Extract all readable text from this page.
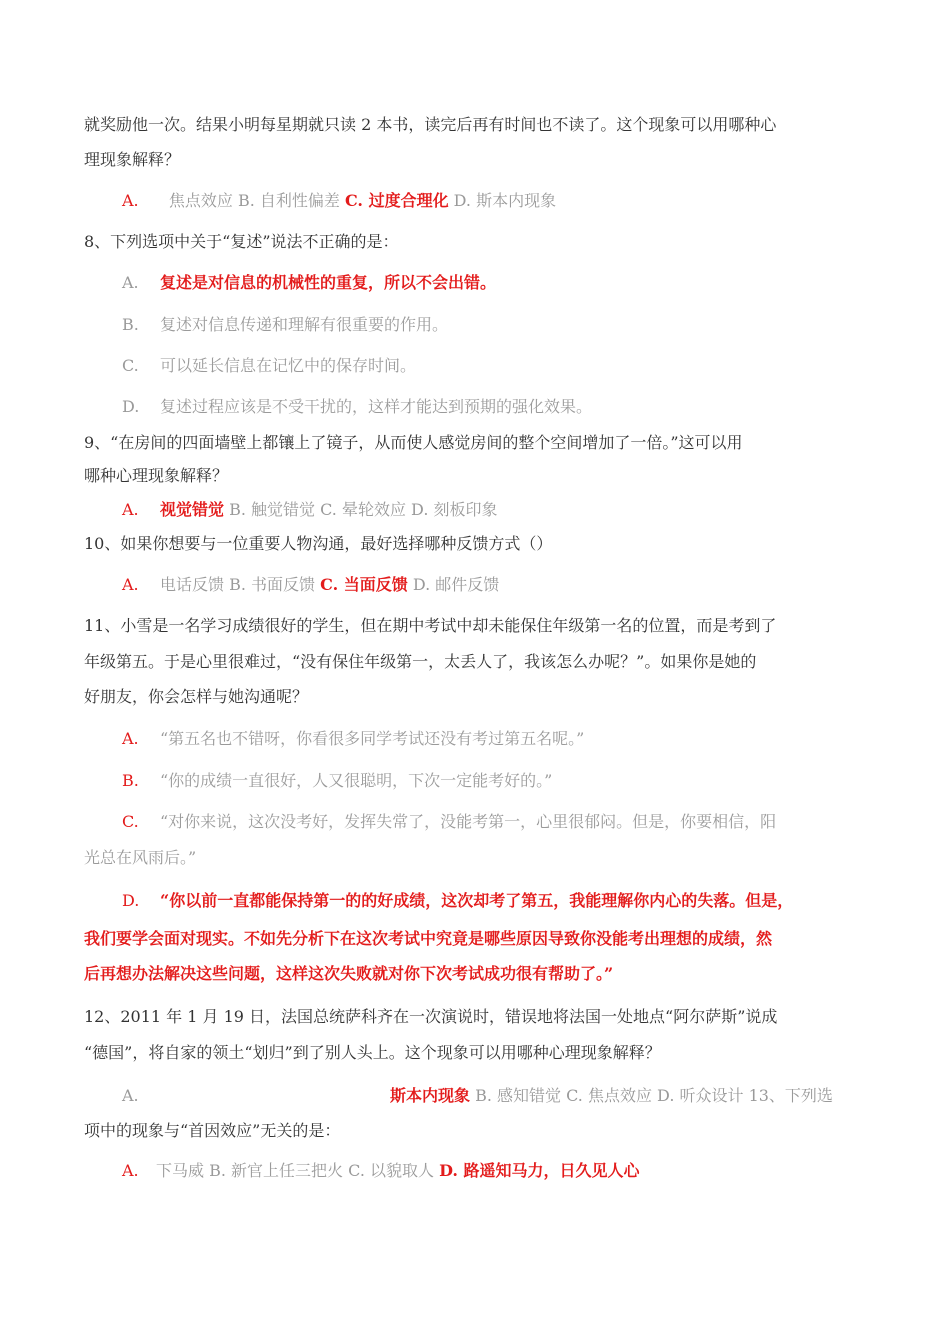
就奖励他一次。结果小明每星期就只读 2 本书，读完后再有时间也不读了。这个现象可以用哪种心
理现象解释？
A. 焦点效应 B. 自利性偏差 C. 过度合理化 D. 斯本内现象
8、下列选项中关于“复述”说法不正确的是：
A. 复述是对信息的机械性的重复，所以不会出错。
B. 复述对信息传递和理解有很重要的作用。
C. 可以延长信息在记忆中的保存时间。
D. 复述过程应该是不受干扰的，这样才能达到预期的强化效果。
9、“在房间的四面墙壁上都镶上了镜子，从而使人感觉房间的整个空间增加了一倍。”这可以用
哪种心理现象解释？
A. 视觉错觉 B. 触觉错觉 C. 晕轮效应 D. 刻板印象
10、如果你想要与一位重要人物沟通，最好选择哪种反馈方式（）
A. 电话反馈 B. 书面反馈 C. 当面反馈 D. 邮件反馈
11、小雪是一名学习成绩很好的学生，但在期中考试中却未能保住年级第一名的位置，而是考到了
年级第五。于是心里很难过，“没有保住年级第一，太丢人了，我该怎么办呢？”。如果你是她的
好朋友，你会怎样与她沟通呢？
A. “第五名也不错呀，你看很多同学考试还没有考过第五名呢。”
B. “你的成绩一直很好，人又很聪明，下次一定能考好的。”
C. “对你来说，这次没考好，发挥失常了，没能考第一，心里很郁闷。但是，你要相信，阳
光总在风雨后。”
D. “你以前一直都能保持第一的的好成绩，这次却考了第五，我能理解你内心的失落。但是，
我们要学会面对现实。不如先分析下在这次考试中究竟是哪些原因导致你没能考出理想的成绩，然
后再想办法解决这些问题，这样这次失败就对你下次考试成功很有帮助了。”
12、2011 年 1 月 19 日，法国总统萨科齐在一次演说时，错误地将法国一处地点“阿尔萨斯”说成
“德国”，将自家的领土“划归”到了别人头上。这个现象可以用哪种心理现象解释？
A.	斯本内现象 B. 感知错觉 C. 焦点效应 D. 听众设计 13、下列选
项中的现象与“首因效应”无关的是：
A. 下马威 B. 新官上任三把火 C. 以貌取人 D. 路遥知马力，日久见人心
